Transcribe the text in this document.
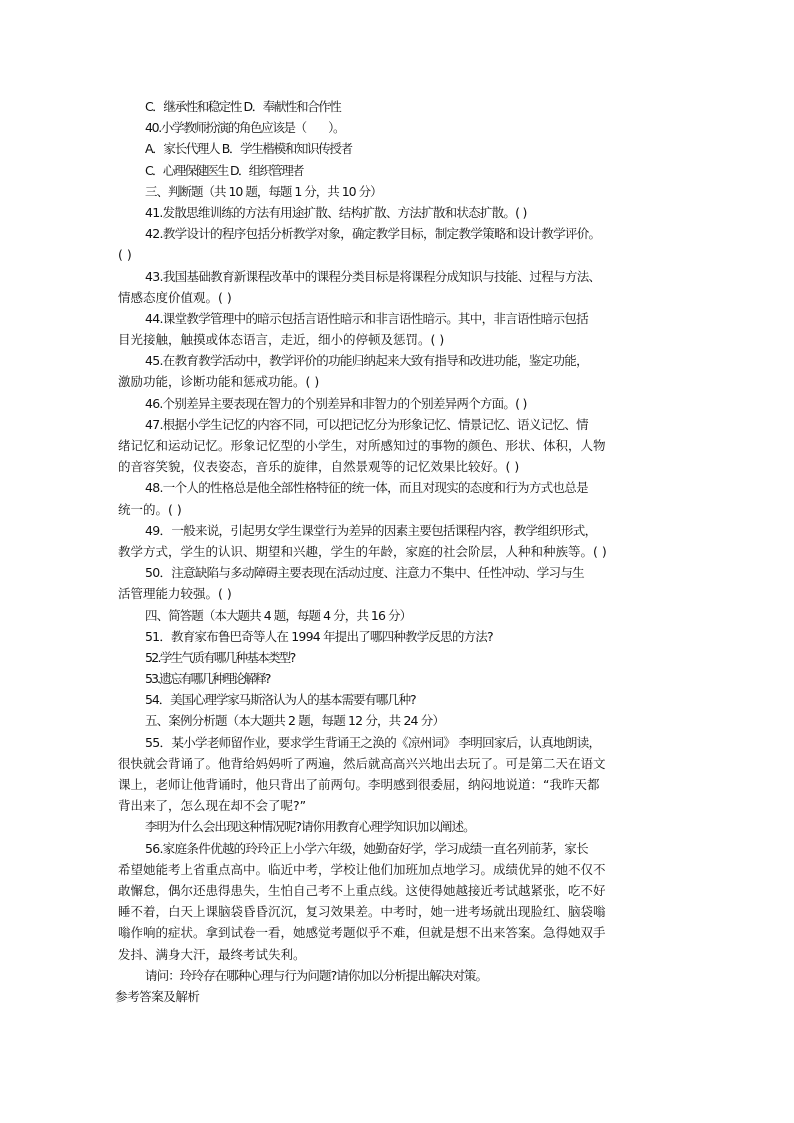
C．继承性和稳定性 D．奉献性和合作性
40.小学教师扮演的角色应该是（　　）。
A．家长代理人 B．学生楷模和知识传授者
C．心理保健医生 D．组织管理者
三、判断题（共 10 题，每题 1 分，共 10 分）
41.发散思维训练的方法有用途扩散、结构扩散、方法扩散和状态扩散。( )
42.教学设计的程序包括分析教学对象，确定教学目标，制定教学策略和设计教学评价。
( )
43.我国基础教育新课程改革中的课程分类目标是将课程分成知识与技能、过程与方法、
情感态度价值观。( )
44.课堂教学管理中的暗示包括言语性暗示和非言语性暗示。其中，非言语性暗示包括
目光接触，触摸或体态语言，走近，细小的停顿及惩罚。( )
45.在教育教学活动中，教学评价的功能归纳起来大致有指导和改进功能，鉴定功能，
激励功能，诊断功能和惩戒功能。( )
46.个别差异主要表现在智力的个别差异和非智力的个别差异两个方面。( )
47.根据小学生记忆的内容不同，可以把记忆分为形象记忆、情景记忆、语义记忆、情
绪记忆和运动记忆。形象记忆型的小学生，对所感知过的事物的颜色、形状、体积，人物
的音容笑貌，仪表姿态，音乐的旋律，自然景观等的记忆效果比较好。( )
48.一个人的性格总是他全部性格特征的统一体，而且对现实的态度和行为方式也总是
统一的。( )
49．一般来说，引起男女学生课堂行为差异的因素主要包括课程内容，教学组织形式，
教学方式，学生的认识、期望和兴趣，学生的年龄，家庭的社会阶层，人种和种族等。( )
50．注意缺陷与多动障碍主要表现在活动过度、注意力不集中、任性冲动、学习与生
活管理能力较强。( )
四、简答题（本大题共 4 题，每题 4 分，共 16 分）
51．教育家布鲁巴奇等人在 1994 年提出了哪四种教学反思的方法?
52.学生气质有哪几种基本类型?
53.遗忘有哪几种理论解释?
54．美国心理学家马斯洛认为人的基本需要有哪几种?
五、案例分析题（本大题共 2 题，每题 12 分，共 24 分）
55．某小学老师留作业，要求学生背诵王之涣的《凉州词》 李明回家后，认真地朗读，
很快就会背诵了。他背给妈妈听了两遍，然后就高高兴兴地出去玩了。可是第二天在语文
课上，老师让他背诵时，他只背出了前两句。李明感到很委屈，纳闷地说道：“我昨天都
背出来了，怎么现在却不会了呢?”
李明为什么会出现这种情况呢?请你用教育心理学知识加以阐述。
56.家庭条件优越的玲玲正上小学六年级，她勤奋好学，学习成绩一直名列前茅，家长
希望她能考上省重点高中。临近中考，学校让他们加班加点地学习。成绩优异的她不仅不
敢懈怠，偶尔还患得患失，生怕自己考不上重点线。这使得她越接近考试越紧张，吃不好
睡不着，白天上课脑袋昏昏沉沉，复习效果差。中考时，她一进考场就出现脸红、脑袋嗡
嗡作响的症状。拿到试卷一看，她感觉考题似乎不难，但就是想不出来答案。急得她双手
发抖、满身大汗，最终考试失利。
请问：玲玲存在哪种心理与行为问题?请你加以分析提出解决对策。
参考答案及解析
